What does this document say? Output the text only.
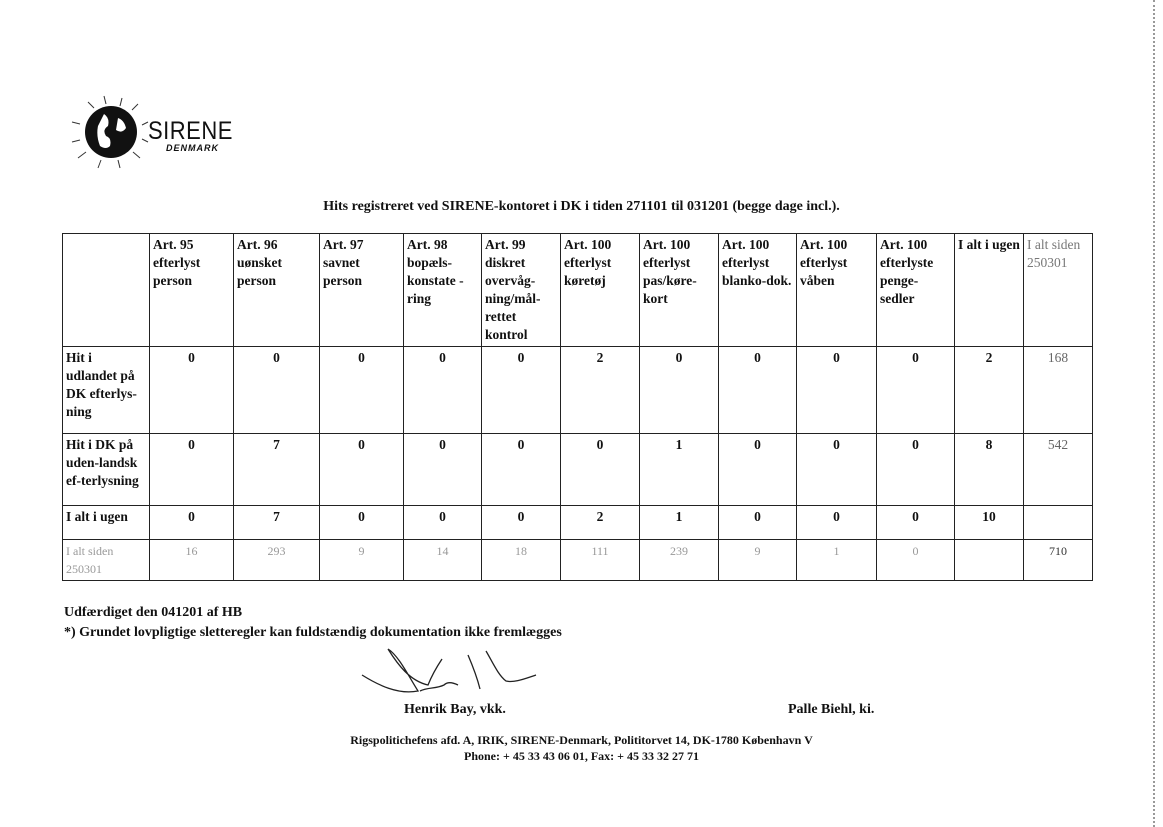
SIRENE
DENMARK
Hits registreret ved SIRENE-kontoret i DK i tiden 271101 til 031201 (begge dage incl.).
	Art. 95 efterlyst person	Art. 96 uønsket person	Art. 97 savnet person	Art. 98 bopæls-konstate -ring	Art. 99 diskret overvåg-ning/mål-rettet kontrol	Art. 100 efterlyst køretøj	Art. 100 efterlyst pas/køre-kort	Art. 100 efterlyst blanko-dok.	Art. 100 efterlyst våben	Art. 100 efterlyste penge-sedler	I alt i ugen	I alt siden 250301
Hit i udlandet på DK efterlys-ning	0	0	0	0	0	2	0	0	0	0	2	168
Hit i DK på uden-landsk ef-terlysning	0	7	0	0	0	0	1	0	0	0	8	542
I alt i ugen	0	7	0	0	0	2	1	0	0	0	10	
I alt siden 250301	16	293	9	14	18	111	239	9	1	0		710
Udfærdiget den 041201 af HB
*) Grundet lovpligtige sletteregler kan fuldstændig dokumentation ikke fremlægges
Henrik Bay, vkk.	Palle Biehl, ki.
Rigspolitichefens afd. A, IRIK, SIRENE-Denmark, Polititorvet 14, DK-1780 København V
Phone: + 45 33 43 06 01, Fax: + 45 33 32 27 71
